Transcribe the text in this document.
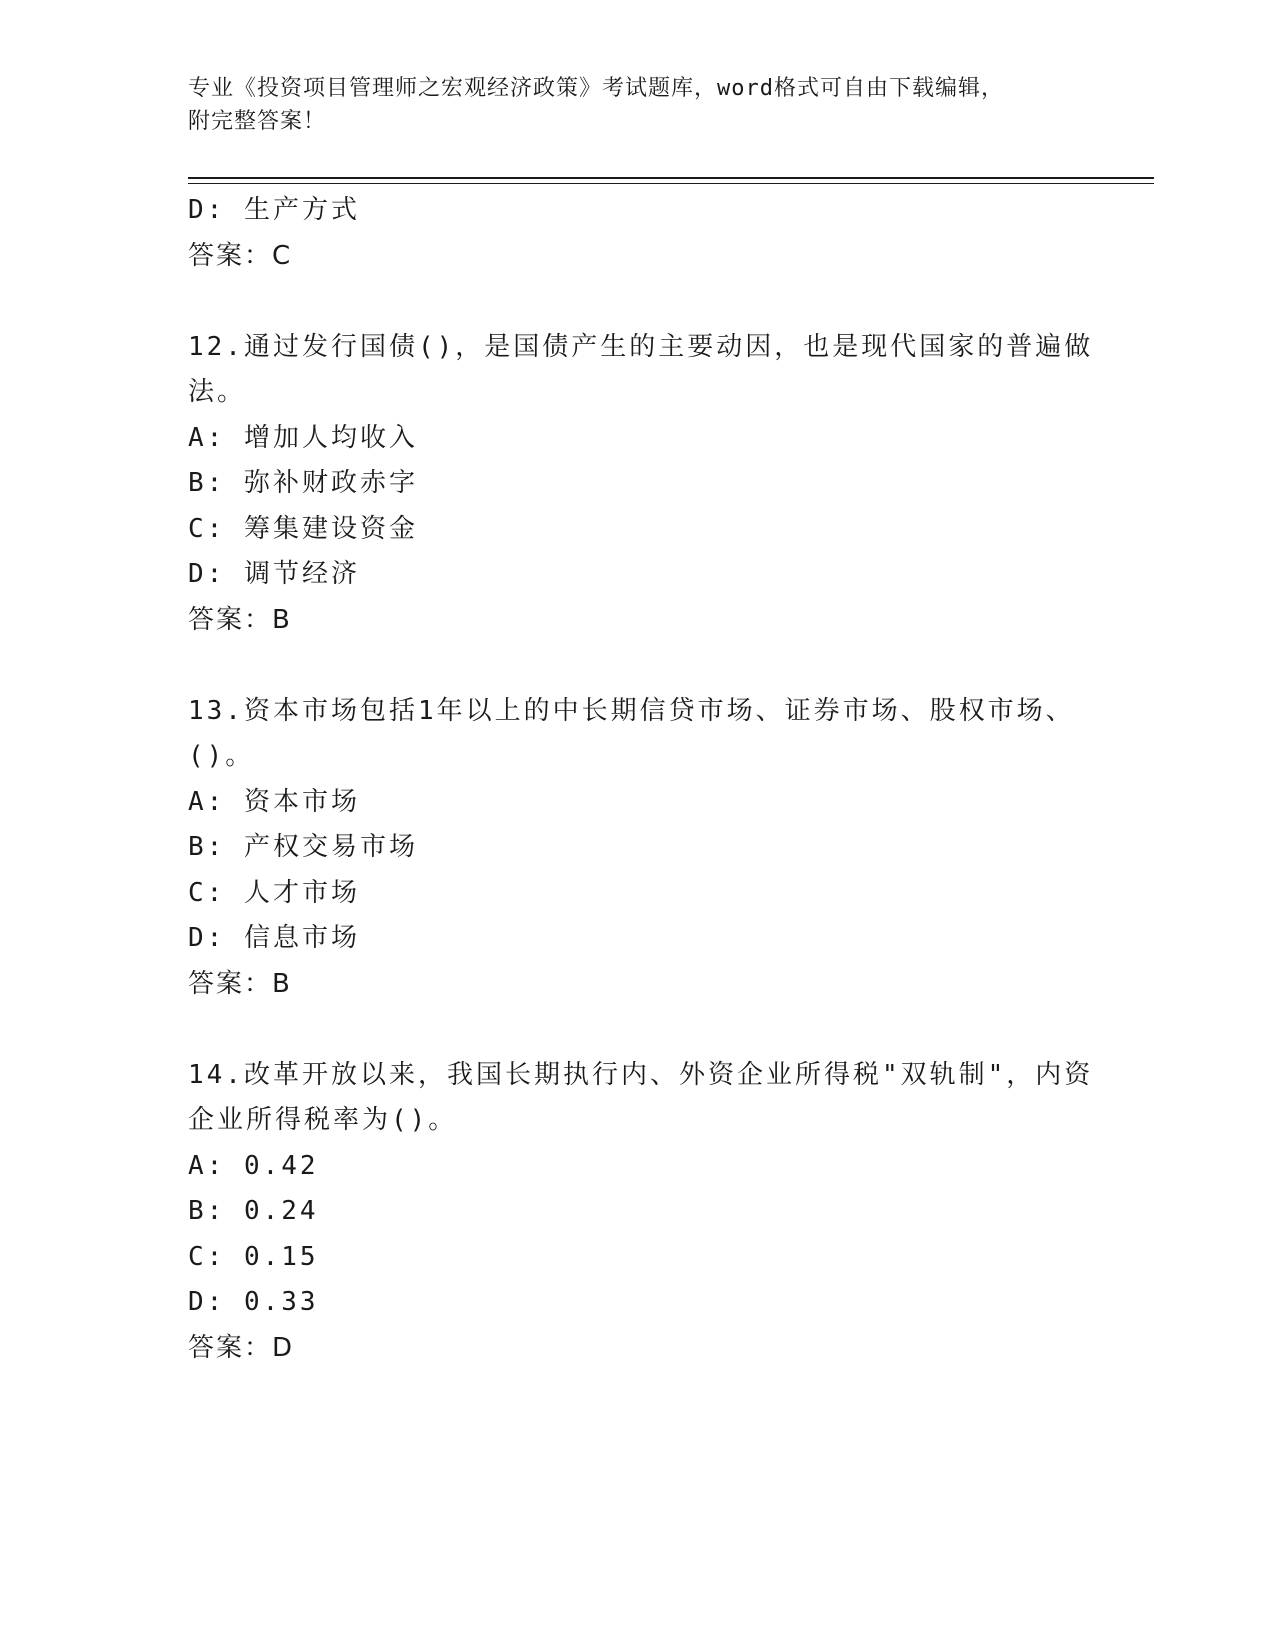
专业《投资项目管理师之宏观经济政策》考试题库，word格式可自由下载编辑，
附完整答案！
D: 生产方式
答案：C
12.通过发行国债()，是国债产生的主要动因，也是现代国家的普遍做
法。
A: 增加人均收入
B: 弥补财政赤字
C: 筹集建设资金
D: 调节经济
答案：B
13.资本市场包括1年以上的中长期信贷市场、证券市场、股权市场、
()。
A: 资本市场
B: 产权交易市场
C: 人才市场
D: 信息市场
答案：B
14.改革开放以来，我国长期执行内、外资企业所得税"双轨制"，内资
企业所得税率为()。
A: 0.42
B: 0.24
C: 0.15
D: 0.33
答案：D
